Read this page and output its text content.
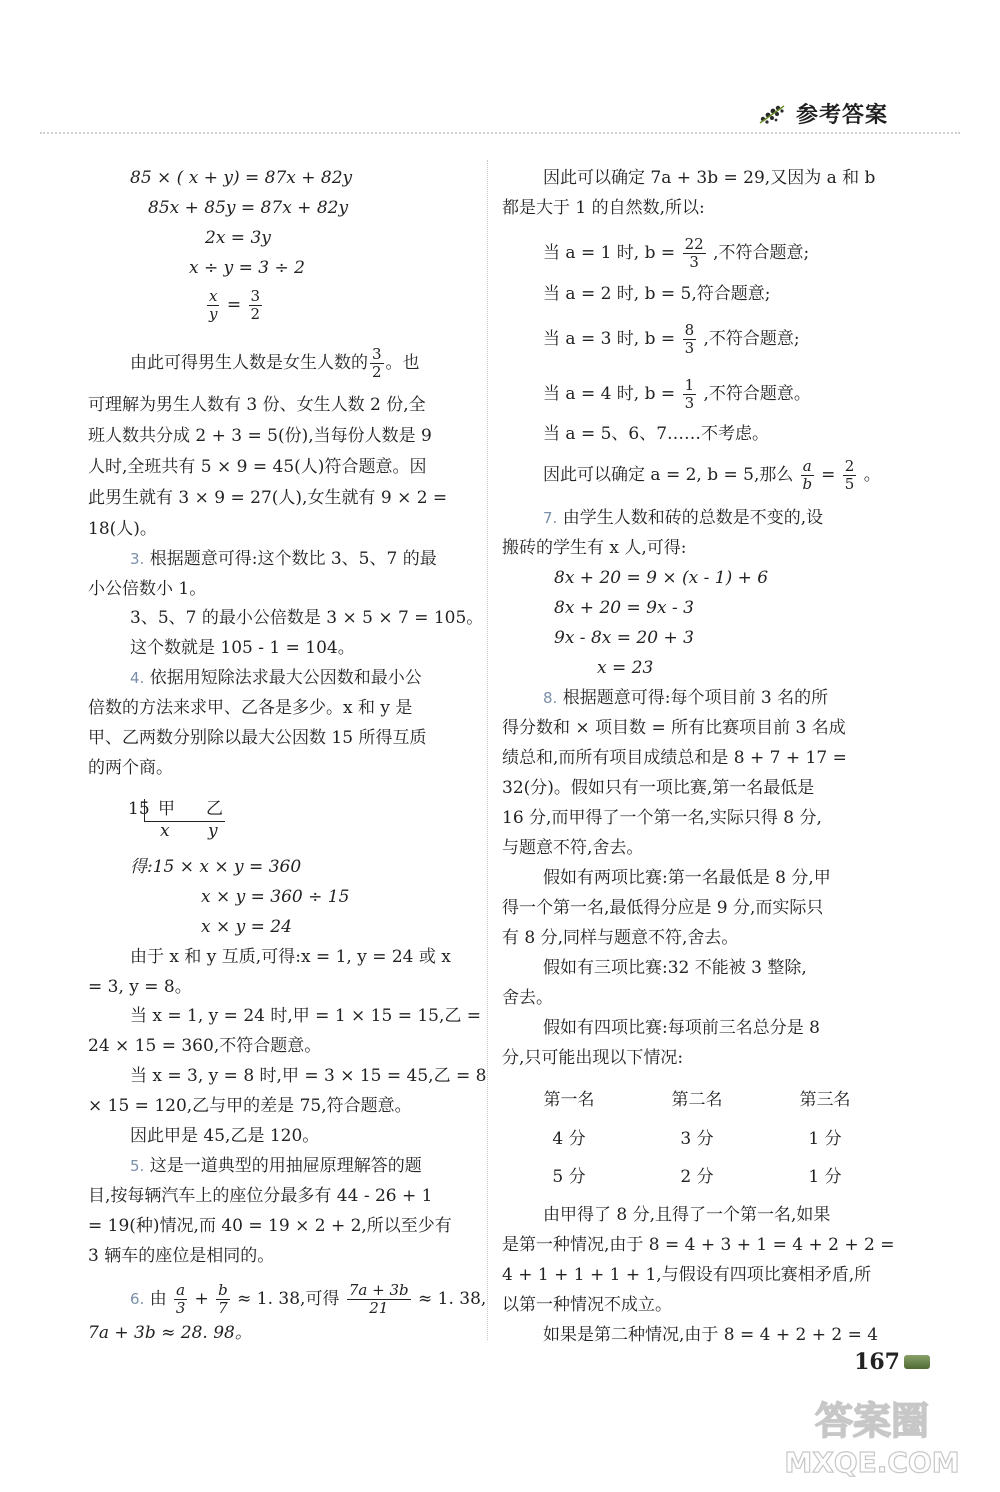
参考答案
85 × ( x + y) = 87x + 82y
85x + 85y = 87x + 82y
2x = 3y
x ÷ y = 3 ÷ 2
$\frac{x}{y} = \frac{3}{2}$
由此可得男生人数是女生人数的 $\frac{3}{2}$ 。也
可理解为男生人数有 3 份、女生人数 2 份,全
班人数共分成 2 + 3 = 5(份),当每份人数是 9
人时,全班共有 5 × 9 = 45(人)符合题意。因
此男生就有 3 × 9 = 27(人),女生就有 9 × 2 =
18(人)。
3. 根据题意可得:这个数比 3、5、7 的最
小公倍数小 1。
3、5、7 的最小公倍数是 3 × 5 × 7 = 105。
这个数就是 105 - 1 = 104。
4. 依据用短除法求最大公因数和最小公
倍数的方法来求甲、乙各是多少。x 和 y 是
甲、乙两数分别除以最大公因数 15 所得互质
的两个商。
15 甲 乙
x y
得:15 × x × y = 360
x × y = 360 ÷ 15
x × y = 24
由于 x 和 y 互质,可得:x = 1, y = 24 或 x
= 3, y = 8。
当 x = 1, y = 24 时,甲 = 1 × 15 = 15,乙 =
24 × 15 = 360,不符合题意。
当 x = 3, y = 8 时,甲 = 3 × 15 = 45,乙 = 8
× 15 = 120,乙与甲的差是 75,符合题意。
因此甲是 45,乙是 120。
5. 这是一道典型的用抽屉原理解答的题
目,按每辆汽车上的座位分最多有 44 - 26 + 1
= 19(种)情况,而 40 = 19 × 2 + 2,所以至少有
3 辆车的座位是相同的。
6. 由 $\frac{a}{3} + \frac{b}{7} \approx 1$. 38,可得 $\frac{7a + 3b}{21} \approx 1$. 38,
7a + 3b ≈ 28. 98。
因此可以确定 7a + 3b = 29,又因为 a 和 b
都是大于 1 的自然数,所以:
当 a = 1 时, $b = \frac{22}{3}$ ,不符合题意;
当 a = 2 时, b = 5,符合题意;
当 a = 3 时, $b = \frac{8}{3}$ ,不符合题意;
当 a = 4 时, $b = \frac{1}{3}$ ,不符合题意。
当 a = 5、6、7……不考虑。
因此可以确定 a = 2, b = 5,那么 $\frac{a}{b} = \frac{2}{5}$ 。
7. 由学生人数和砖的总数是不变的,设
搬砖的学生有 x 人,可得:
8x + 20 = 9 × (x - 1) + 6
8x + 20 = 9x - 3
9x - 8x = 20 + 3
x = 23
8. 根据题意可得:每个项目前 3 名的所
得分数和 × 项目数 = 所有比赛项目前 3 名成
绩总和,而所有项目成绩总和是 8 + 7 + 17 =
32(分)。假如只有一项比赛,第一名最低是
16 分,而甲得了一个第一名,实际只得 8 分,
与题意不符,舍去。
假如有两项比赛:第一名最低是 8 分,甲
得一个第一名,最低得分应是 9 分,而实际只
有 8 分,同样与题意不符,舍去。
假如有三项比赛:32 不能被 3 整除,
舍去。
假如有四项比赛:每项前三名总分是 8
分,只可能出现以下情况:
第一名	第二名	第三名
4 分	3 分	1 分
5 分	2 分	1 分
由甲得了 8 分,且得了一个第一名,如果
是第一种情况,由于 8 = 4 + 3 + 1 = 4 + 2 + 2 =
4 + 1 + 1 + 1 + 1,与假设有四项比赛相矛盾,所
以第一种情况不成立。
如果是第二种情况,由于 8 = 4 + 2 + 2 = 4
167
答案圈
MXQE.COM
